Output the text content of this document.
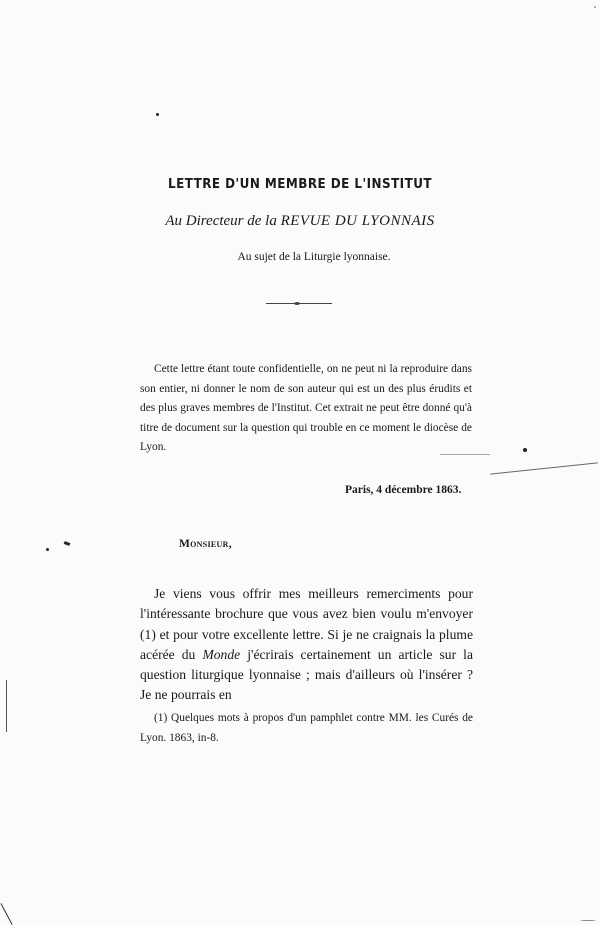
LETTRE D'UN MEMBRE DE L'INSTITUT
Au Directeur de la REVUE DU LYONNAIS
Au sujet de la Liturgie lyonnaise.

Cette lettre étant toute confidentielle, on ne peut ni la reproduire dans son entier, ni donner le nom de son auteur qui est un des plus érudits et des plus graves membres de l'Institut. Cet extrait ne peut être donné qu'à titre de document sur la question qui trouble en ce moment le diocèse de Lyon.

Paris, 4 décembre 1863.
Monsieur,

Je viens vous offrir mes meilleurs remerciments pour l'intéressante brochure que vous avez bien voulu m'envoyer (1) et pour votre excellente lettre. Si je ne craignais la plume acérée du Monde j'écrirais certainement un article sur la question liturgique lyonnaise ; mais d'ailleurs où l'insérer ? Je ne pourrais en

(1) Quelques mots à propos d'un pamphlet contre MM. les Curés de Lyon. 1863, in-8.
